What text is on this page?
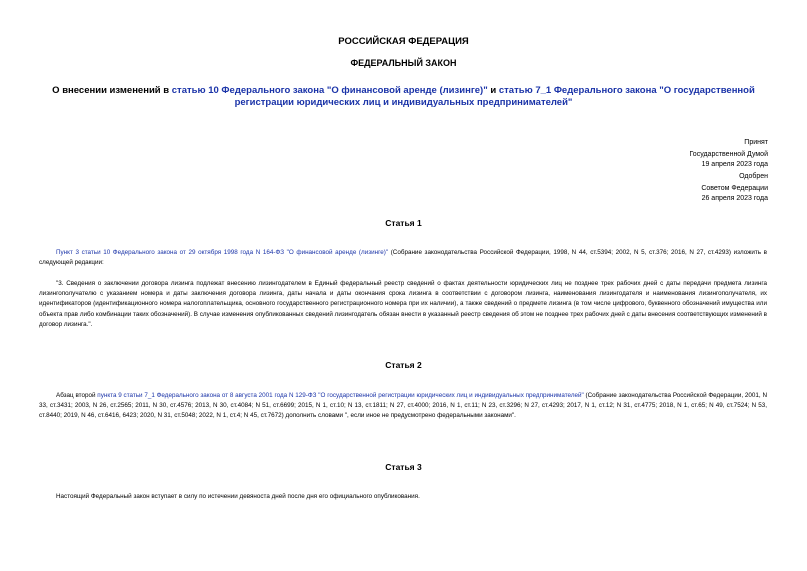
РОССИЙСКАЯ ФЕДЕРАЦИЯ
ФЕДЕРАЛЬНЫЙ ЗАКОН
О внесении изменений в статью 10 Федерального закона "О финансовой аренде (лизинге)" и статью 7_1 Федерального закона "О государственной регистрации юридических лиц и индивидуальных предпринимателей"
Принят
Государственной Думой
19 апреля 2023 года
Одобрен
Советом Федерации
26 апреля 2023 года
Статья 1
Пункт 3 статьи 10 Федерального закона от 29 октября 1998 года N 164-ФЗ "О финансовой аренде (лизинге)" (Собрание законодательства Российской Федерации, 1998, N 44, ст.5394; 2002, N 5, ст.376; 2016, N 27, ст.4293) изложить в следующей редакции:
"3. Сведения о заключении договора лизинга подлежат внесению лизингодателем в Единый федеральный реестр сведений о фактах деятельности юридических лиц не позднее трех рабочих дней с даты передачи предмета лизинга лизингополучателю с указанием номера и даты заключения договора лизинга, даты начала и даты окончания срока лизинга в соответствии с договором лизинга, наименования лизингодателя и наименования лизингополучателя, их идентификаторов (идентификационного номера налогоплательщика, основного государственного регистрационного номера при их наличии), а также сведений о предмете лизинга (в том числе цифрового, буквенного обозначений имущества или объекта прав либо комбинации таких обозначений). В случае изменения опубликованных сведений лизингодатель обязан внести в указанный реестр сведения об этом не позднее трех рабочих дней с даты внесения соответствующих изменений в договор лизинга.".
Статья 2
Абзац второй пункта 9 статьи 7_1 Федерального закона от 8 августа 2001 года N 129-ФЗ "О государственной регистрации юридических лиц и индивидуальных предпринимателей" (Собрание законодательства Российской Федерации, 2001, N 33, ст.3431; 2003, N 26, ст.2565; 2011, N 30, ст.4576; 2013, N 30, ст.4084; N 51, ст.6699; 2015, N 1, ст.10; N 13, ст.1811; N 27, ст.4000; 2016, N 1, ст.11; N 23, ст.3296; N 27, ст.4293; 2017, N 1, ст.12; N 31, ст.4775; 2018, N 1, ст.65; N 49, ст.7524; N 53, ст.8440; 2019, N 46, ст.6416, 6423; 2020, N 31, ст.5048; 2022, N 1, ст.4; N 45, ст.7672) дополнить словами ", если иное не предусмотрено федеральными законами".
Статья 3
Настоящий Федеральный закон вступает в силу по истечении девяноста дней после дня его официального опубликования.
